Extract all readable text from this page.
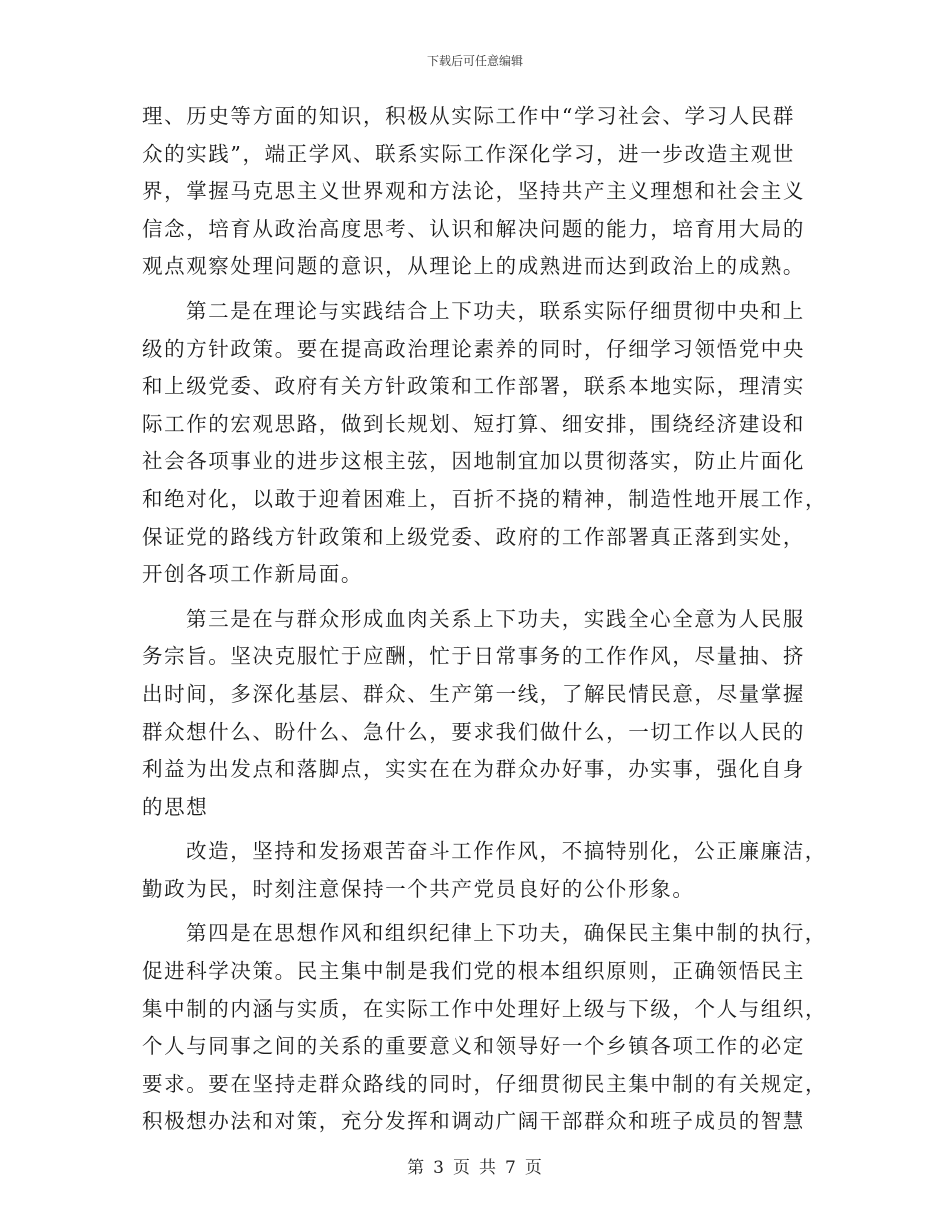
下载后可任意编辑
理、历史等方面的知识，积极从实际工作中“学习社会、学习人民群
众的实践”，端正学风、联系实际工作深化学习，进一步改造主观世
界，掌握马克思主义世界观和方法论，坚持共产主义理想和社会主义
信念，培育从政治高度思考、认识和解决问题的能力，培育用大局的
观点观察处理问题的意识，从理论上的成熟进而达到政治上的成熟。
第二是在理论与实践结合上下功夫，联系实际仔细贯彻中央和上
级的方针政策。要在提高政治理论素养的同时，仔细学习领悟党中央
和上级党委、政府有关方针政策和工作部署，联系本地实际，理清实
际工作的宏观思路，做到长规划、短打算、细安排，围绕经济建设和
社会各项事业的进步这根主弦，因地制宜加以贯彻落实，防止片面化
和绝对化，以敢于迎着困难上，百折不挠的精神，制造性地开展工作，
保证党的路线方针政策和上级党委、政府的工作部署真正落到实处，
开创各项工作新局面。
第三是在与群众形成血肉关系上下功夫，实践全心全意为人民服
务宗旨。坚决克服忙于应酬，忙于日常事务的工作作风，尽量抽、挤
出时间，多深化基层、群众、生产第一线，了解民情民意，尽量掌握
群众想什么、盼什么、急什么，要求我们做什么，一切工作以人民的
利益为出发点和落脚点，实实在在为群众办好事，办实事，强化自身
的思想
改造，坚持和发扬艰苦奋斗工作作风，不搞特别化，公正廉廉洁，
勤政为民，时刻注意保持一个共产党员良好的公仆形象。
第四是在思想作风和组织纪律上下功夫，确保民主集中制的执行，
促进科学决策。民主集中制是我们党的根本组织原则，正确领悟民主
集中制的内涵与实质，在实际工作中处理好上级与下级，个人与组织，
个人与同事之间的关系的重要意义和领导好一个乡镇各项工作的必定
要求。要在坚持走群众路线的同时，仔细贯彻民主集中制的有关规定，
积极想办法和对策，充分发挥和调动广阔干部群众和班子成员的智慧
第 3 页 共 7 页
